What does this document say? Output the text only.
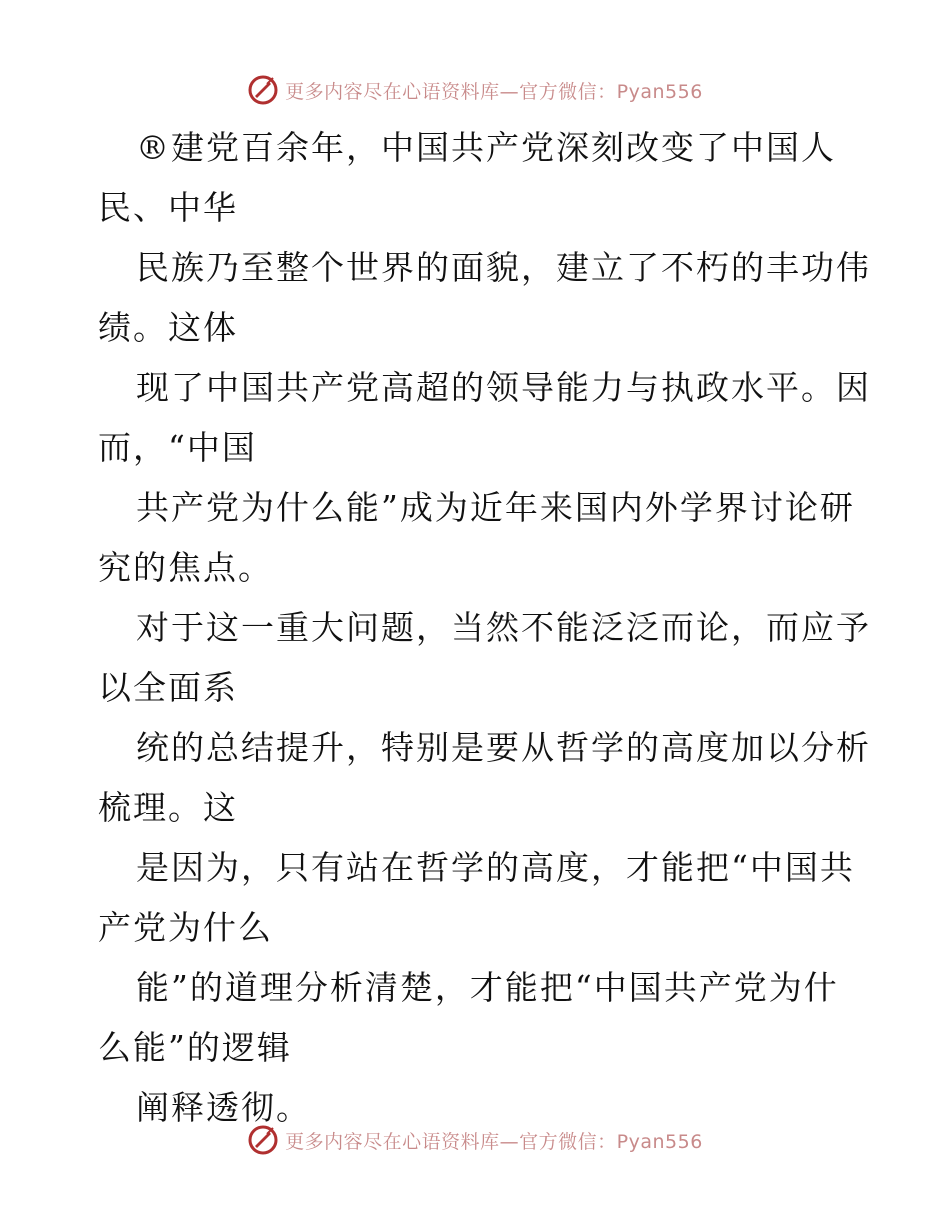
更多内容尽在心语资料库—官方微信：Pyan556
®建党百余年，中国共产党深刻改变了中国人
民、中华
民族乃至整个世界的面貌，建立了不朽的丰功伟
绩。这体
现了中国共产党高超的领导能力与执政水平。因
而，“中国
共产党为什么能”成为近年来国内外学界讨论研
究的焦点。
对于这一重大问题，当然不能泛泛而论，而应予
以全面系
统的总结提升，特别是要从哲学的高度加以分析
梳理。这
是因为，只有站在哲学的高度，才能把“中国共
产党为什么
能”的道理分析清楚，才能把“中国共产党为什
么能”的逻辑
阐释透彻。
更多内容尽在心语资料库—官方微信：Pyan556
